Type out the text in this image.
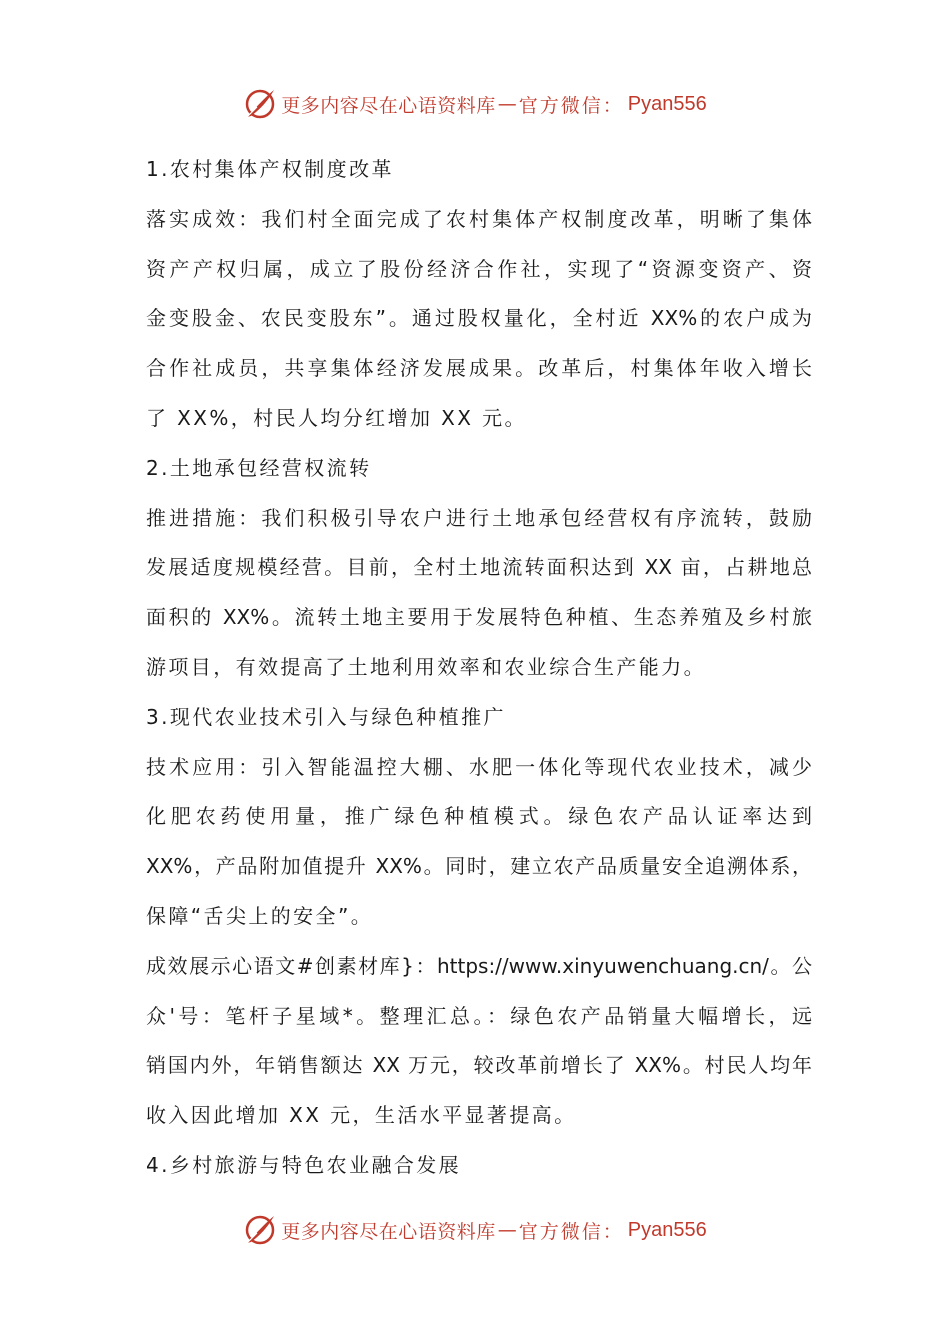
更多内容尽在心语资料库 — 官方微信： Pyan556
1.农村集体产权制度改革
落实成效：我们村全面完成了农村集体产权制度改革，明晰了集体
资产产权归属，成立了股份经济合作社，实现了“资源变资产、资
金变股金、农民变股东”。通过股权量化，全村近 XX%的农户成为
合作社成员，共享集体经济发展成果。改革后，村集体年收入增长
了 XX%，村民人均分红增加 XX 元。
2.土地承包经营权流转
推进措施：我们积极引导农户进行土地承包经营权有序流转，鼓励
发展适度规模经营。目前，全村土地流转面积达到 XX 亩，占耕地总
面积的 XX%。流转土地主要用于发展特色种植、生态养殖及乡村旅
游项目，有效提高了土地利用效率和农业综合生产能力。
3.现代农业技术引入与绿色种植推广
技术应用：引入智能温控大棚、水肥一体化等现代农业技术，减少
化肥农药使用量，推广绿色种植模式。绿色农产品认证率达到
XX%，产品附加值提升 XX%。同时，建立农产品质量安全追溯体系，
保障“舌尖上的安全”。
成效展示心语文#创素材库}：https://www.xinyuwenchuang.cn/。公
众'号：笔杆子星域*。整理汇总。：绿色农产品销量大幅增长，远
销国内外，年销售额达 XX 万元，较改革前增长了 XX%。村民人均年
收入因此增加 XX 元，生活水平显著提高。
4.乡村旅游与特色农业融合发展
更多内容尽在心语资料库 — 官方微信： Pyan556
